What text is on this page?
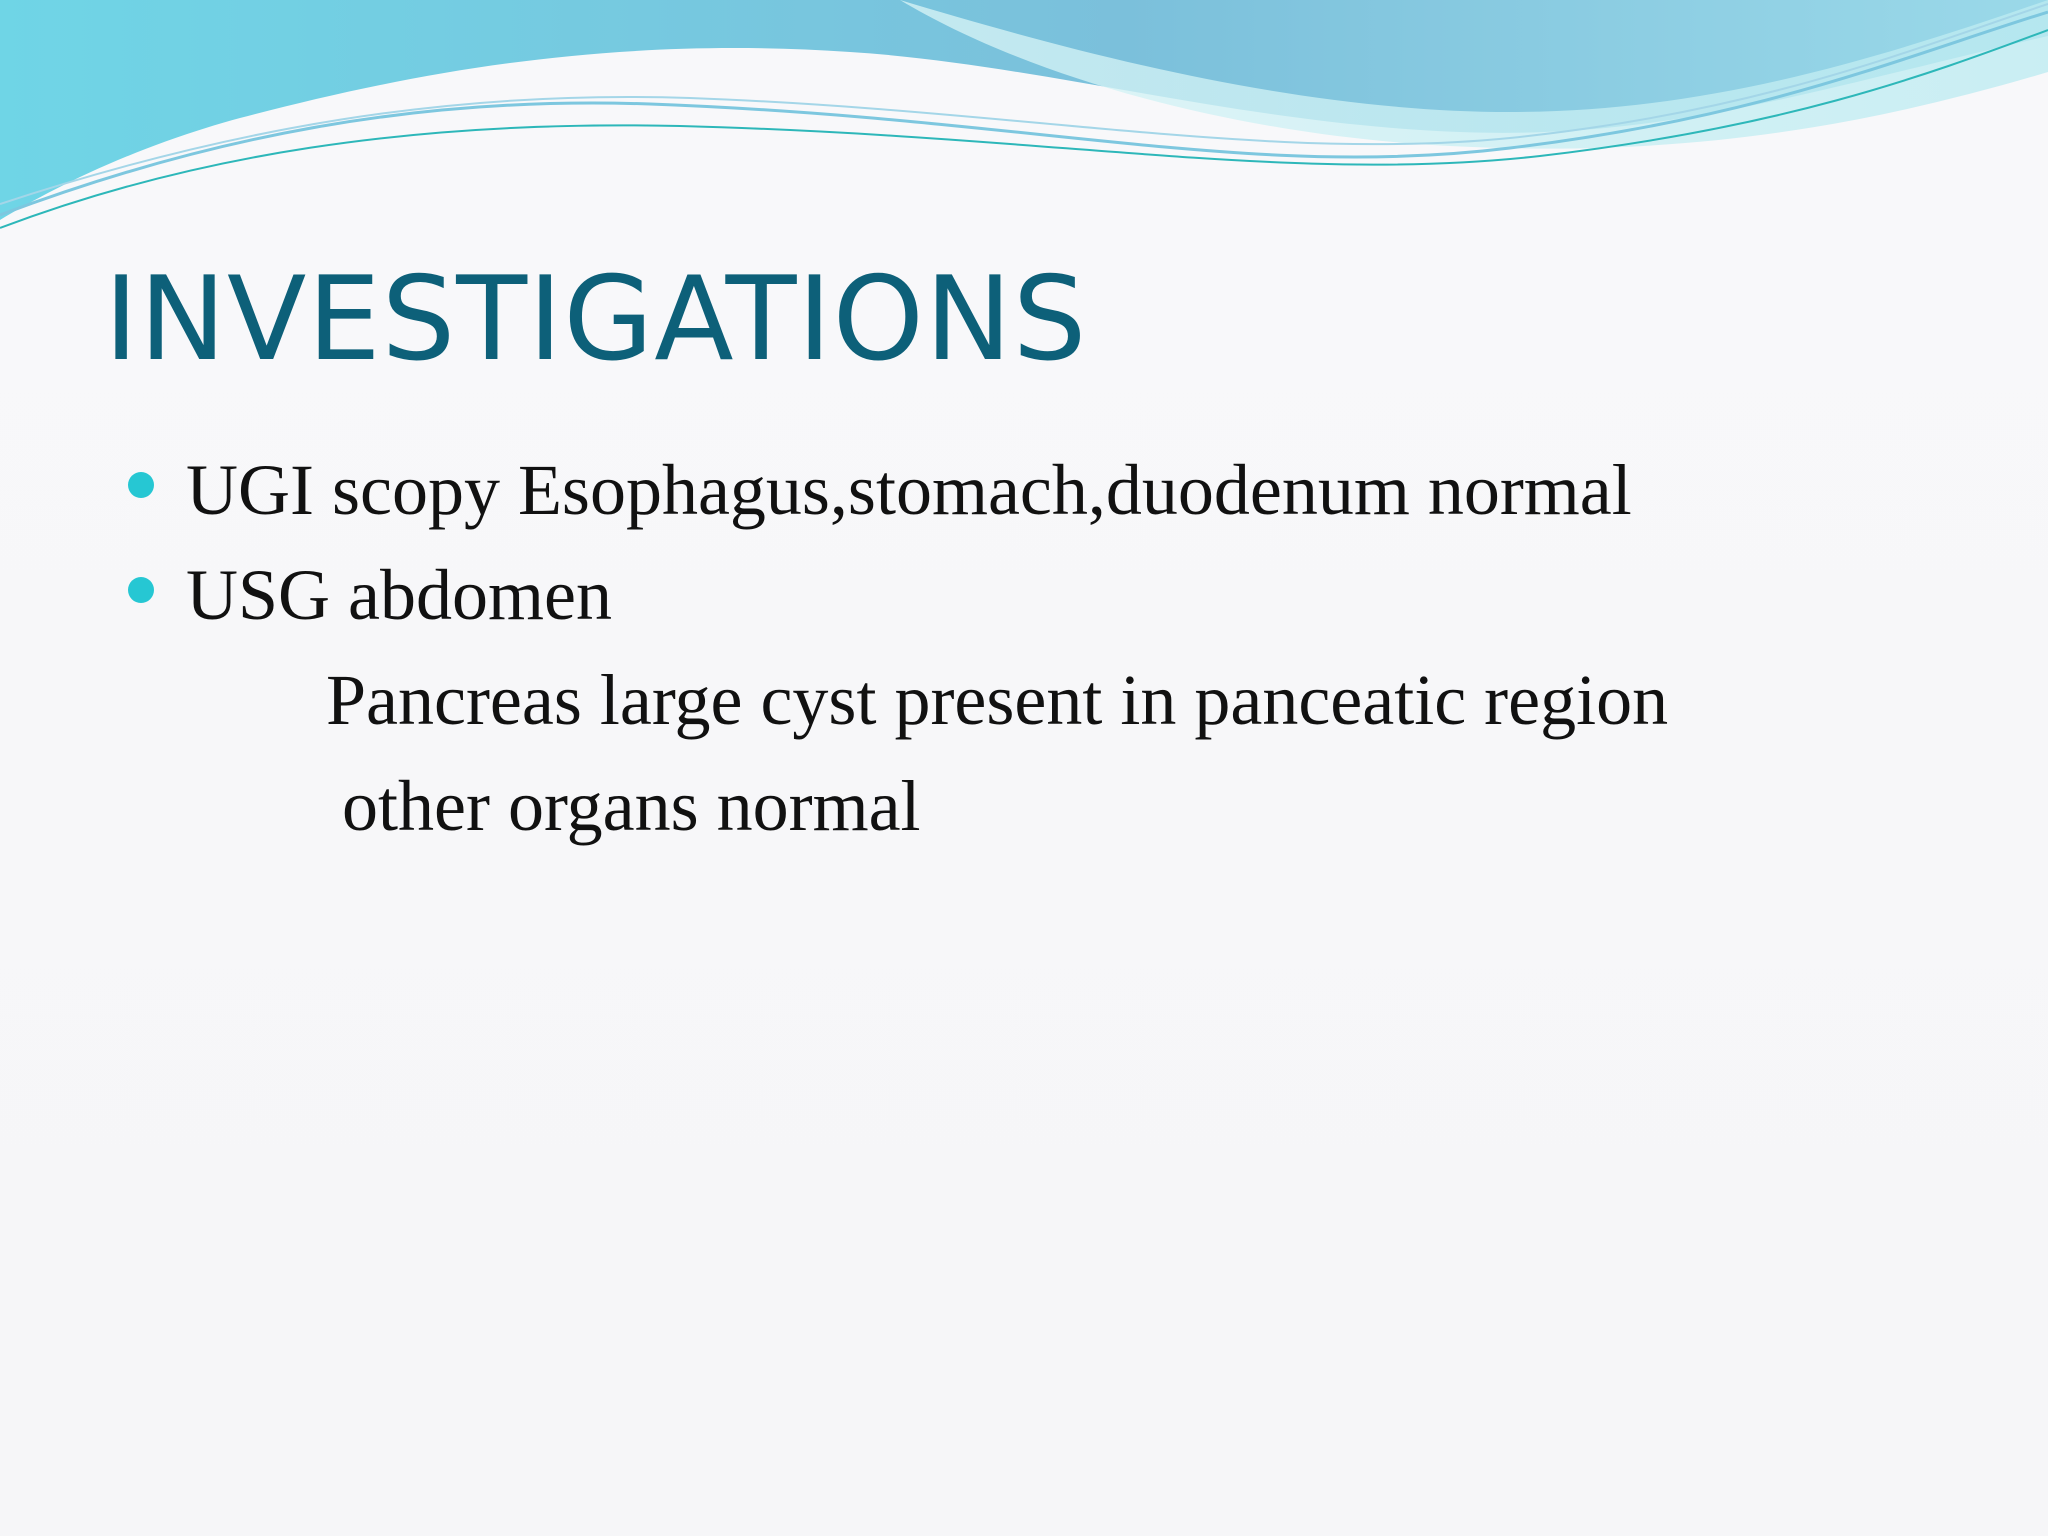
INVESTIGATIONS
UGI scopy Esophagus,stomach,duodenum normal
USG abdomen
Pancreas large cyst present in panceatic region
other organs normal
